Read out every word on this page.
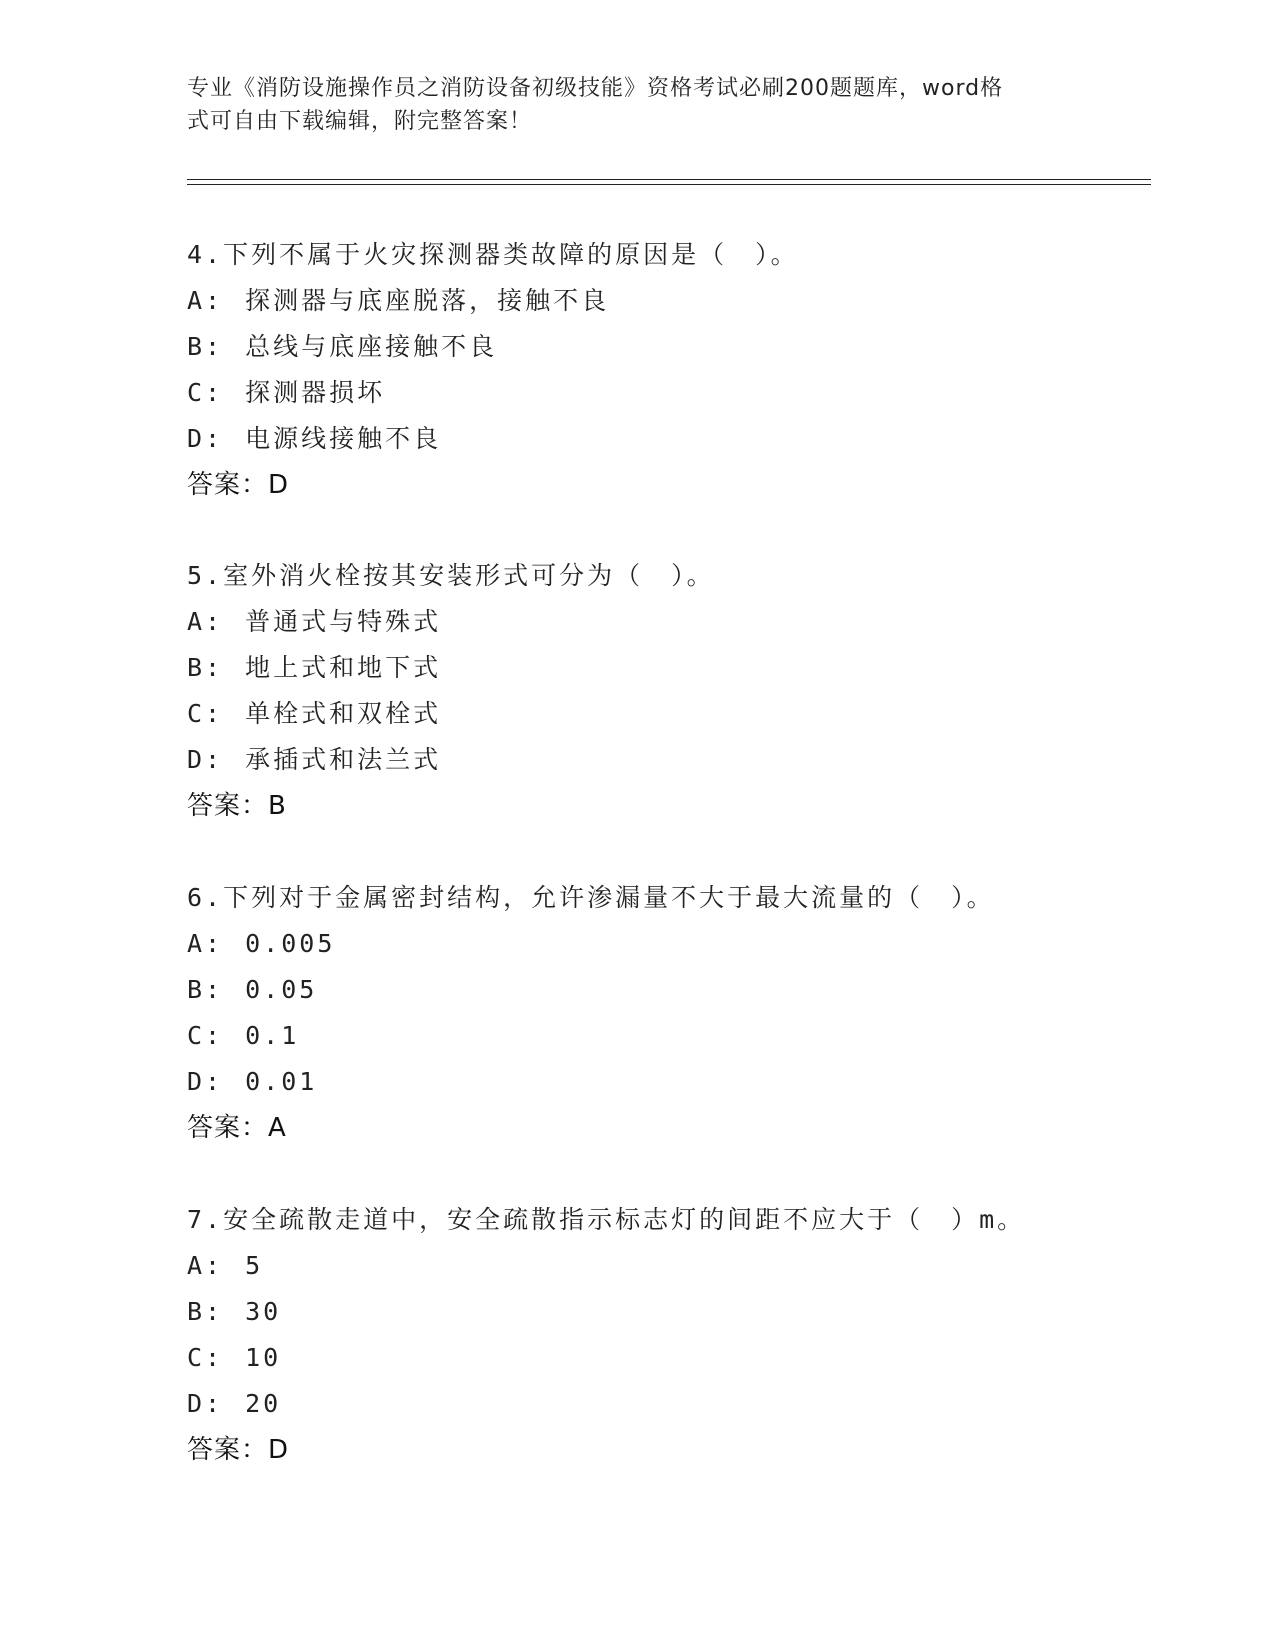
专业《消防设施操作员之消防设备初级技能》资格考试必刷200题题库，word格
式可自由下载编辑，附完整答案！
4.下列不属于火灾探测器类故障的原因是（　）。
A: 探测器与底座脱落，接触不良
B: 总线与底座接触不良
C: 探测器损坏
D: 电源线接触不良
答案：D
5.室外消火栓按其安装形式可分为（　）。
A: 普通式与特殊式
B: 地上式和地下式
C: 单栓式和双栓式
D: 承插式和法兰式
答案：B
6.下列对于金属密封结构，允许渗漏量不大于最大流量的（　）。
A: 0.005
B: 0.05
C: 0.1
D: 0.01
答案：A
7.安全疏散走道中，安全疏散指示标志灯的间距不应大于（　）m。
A: 5
B: 30
C: 10
D: 20
答案：D
